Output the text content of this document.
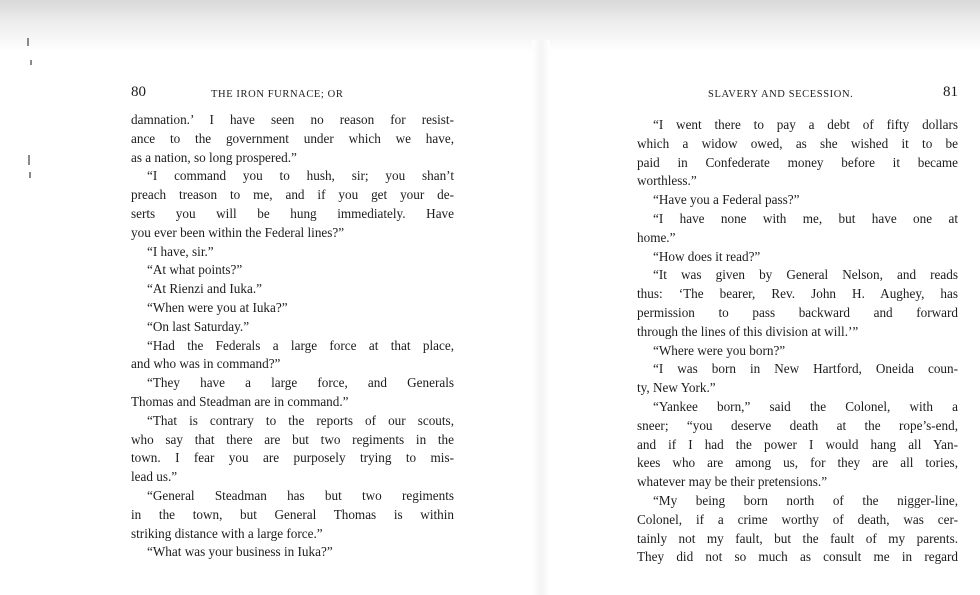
80	THE IRON FURNACE; OR
damnation.’ I have seen no reason for resist-
ance to the government under which we have,
as a nation, so long prospered.”
“I command you to hush, sir; you shan’t
preach treason to me, and if you get your de-
serts you will be hung immediately. Have
you ever been within the Federal lines?”
“I have, sir.”
“At what points?”
“At Rienzi and Iuka.”
“When were you at Iuka?”
“On last Saturday.”
“Had the Federals a large force at that place,
and who was in command?”
“They have a large force, and Generals
Thomas and Steadman are in command.”
“That is contrary to the reports of our scouts,
who say that there are but two regiments in the
town. I fear you are purposely trying to mis-
lead us.”
“General Steadman has but two regiments
in the town, but General Thomas is within
striking distance with a large force.”
“What was your business in Iuka?”
SLAVERY AND SECESSION.	81
“I went there to pay a debt of fifty dollars
which a widow owed, as she wished it to be
paid in Confederate money before it became
worthless.”
“Have you a Federal pass?”
“I have none with me, but have one at
home.”
“How does it read?”
“It was given by General Nelson, and reads
thus: ‘The bearer, Rev. John H. Aughey, has
permission to pass backward and forward
through the lines of this division at will.’”
“Where were you born?”
“I was born in New Hartford, Oneida coun-
ty, New York.”
“Yankee born,” said the Colonel, with a
sneer; “you deserve death at the rope’s-end,
and if I had the power I would hang all Yan-
kees who are among us, for they are all tories,
whatever may be their pretensions.”
“My being born north of the nigger-line,
Colonel, if a crime worthy of death, was cer-
tainly not my fault, but the fault of my parents.
They did not so much as consult me in regard
